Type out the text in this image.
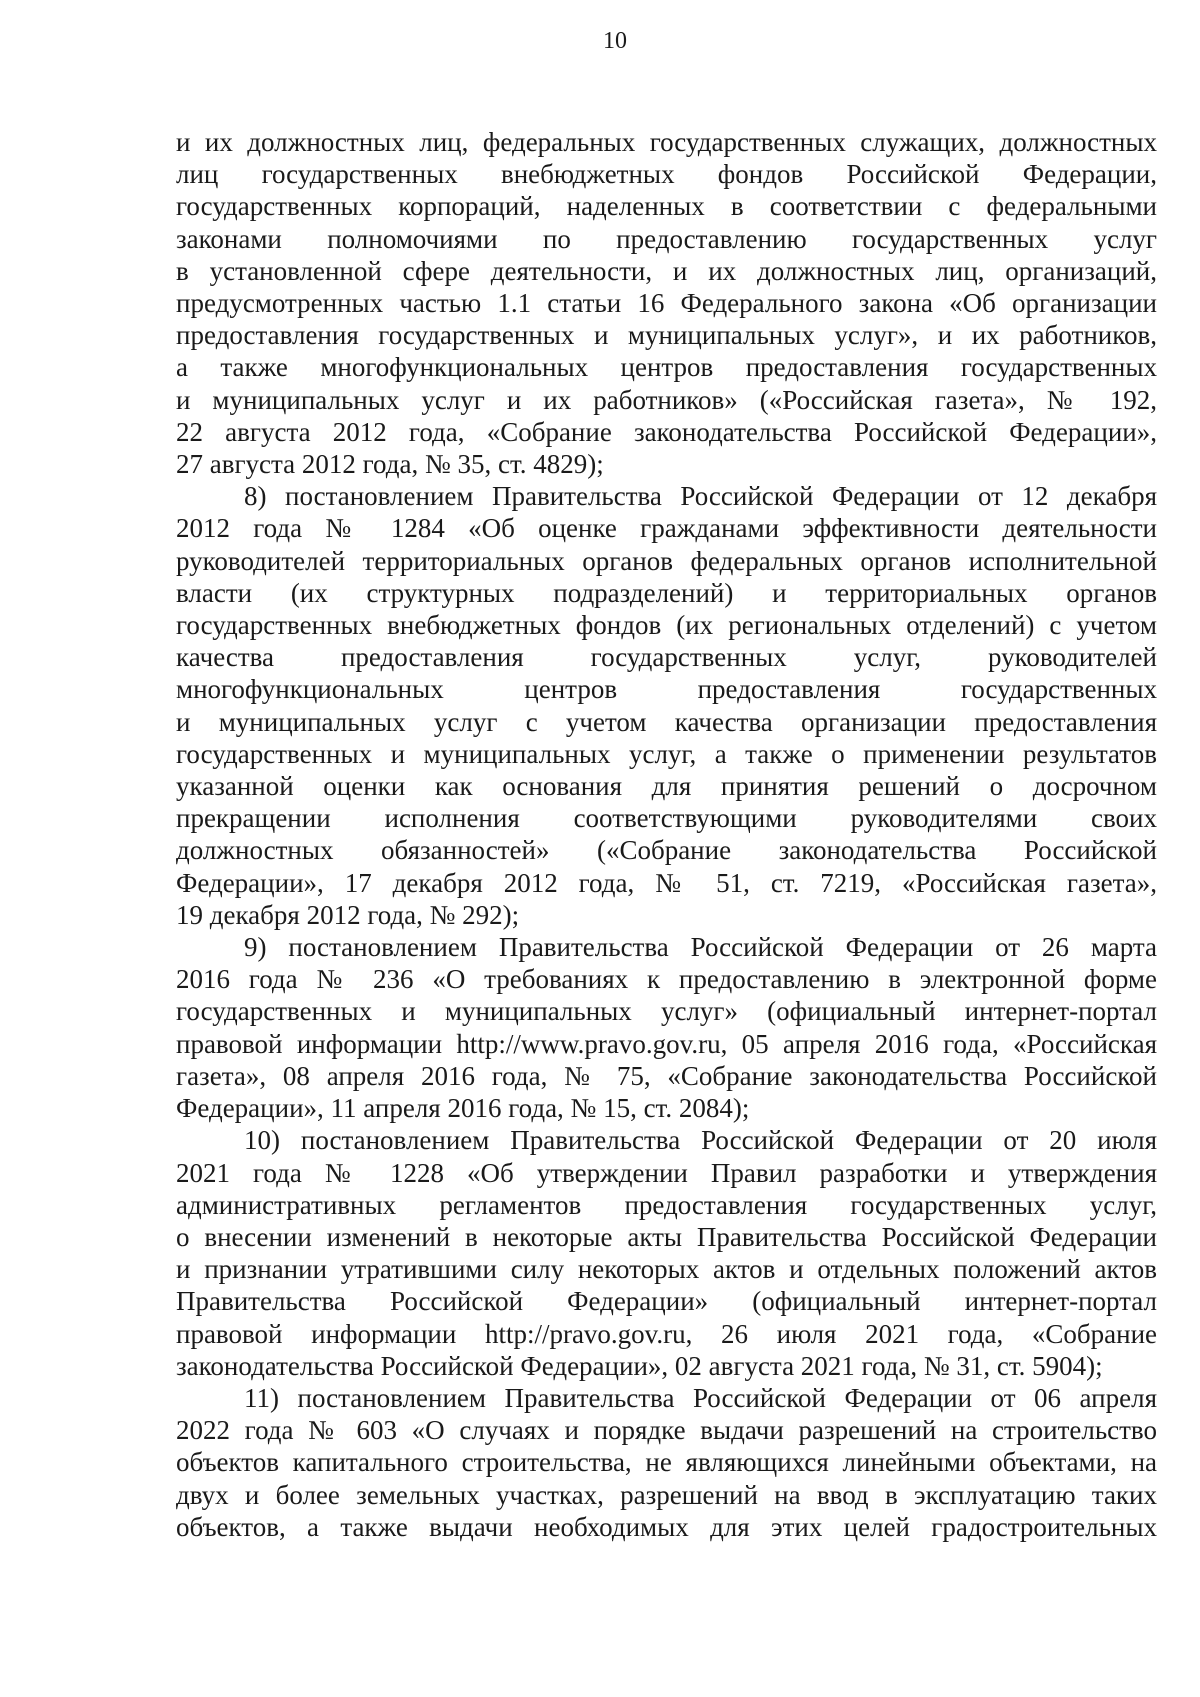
10
и их должностных лиц, федеральных государственных служащих, должностных
лиц государственных внебюджетных фондов Российской Федерации,
государственных корпораций, наделенных в соответствии с федеральными
законами полномочиями по предоставлению государственных услуг
в установленной сфере деятельности, и их должностных лиц, организаций,
предусмотренных частью 1.1 статьи 16 Федерального закона «Об организации
предоставления государственных и муниципальных услуг», и их работников,
а также многофункциональных центров предоставления государственных
и муниципальных услуг и их работников» («Российская газета», № 192,
22 августа 2012 года, «Собрание законодательства Российской Федерации»,
27 августа 2012 года, № 35, ст. 4829);
8) постановлением Правительства Российской Федерации от 12 декабря
2012 года № 1284 «Об оценке гражданами эффективности деятельности
руководителей территориальных органов федеральных органов исполнительной
власти (их структурных подразделений) и территориальных органов
государственных внебюджетных фондов (их региональных отделений) с учетом
качества предоставления государственных услуг, руководителей
многофункциональных центров предоставления государственных
и муниципальных услуг с учетом качества организации предоставления
государственных и муниципальных услуг, а также о применении результатов
указанной оценки как основания для принятия решений о досрочном
прекращении исполнения соответствующими руководителями своих
должностных обязанностей» («Собрание законодательства Российской
Федерации», 17 декабря 2012 года, № 51, ст. 7219, «Российская газета»,
19 декабря 2012 года, № 292);
9) постановлением Правительства Российской Федерации от 26 марта
2016 года № 236 «О требованиях к предоставлению в электронной форме
государственных и муниципальных услуг» (официальный интернет-портал
правовой информации http://www.pravo.gov.ru, 05 апреля 2016 года, «Российская
газета», 08 апреля 2016 года, № 75, «Собрание законодательства Российской
Федерации», 11 апреля 2016 года, № 15, ст. 2084);
10) постановлением Правительства Российской Федерации от 20 июля
2021 года № 1228 «Об утверждении Правил разработки и утверждения
административных регламентов предоставления государственных услуг,
о внесении изменений в некоторые акты Правительства Российской Федерации
и признании утратившими силу некоторых актов и отдельных положений актов
Правительства Российской Федерации» (официальный интернет-портал
правовой информации http://pravo.gov.ru, 26 июля 2021 года, «Собрание
законодательства Российской Федерации», 02 августа 2021 года, № 31, ст. 5904);
11) постановлением Правительства Российской Федерации от 06 апреля
2022 года № 603 «О случаях и порядке выдачи разрешений на строительство
объектов капитального строительства, не являющихся линейными объектами, на
двух и более земельных участках, разрешений на ввод в эксплуатацию таких
объектов, а также выдачи необходимых для этих целей градостроительных
